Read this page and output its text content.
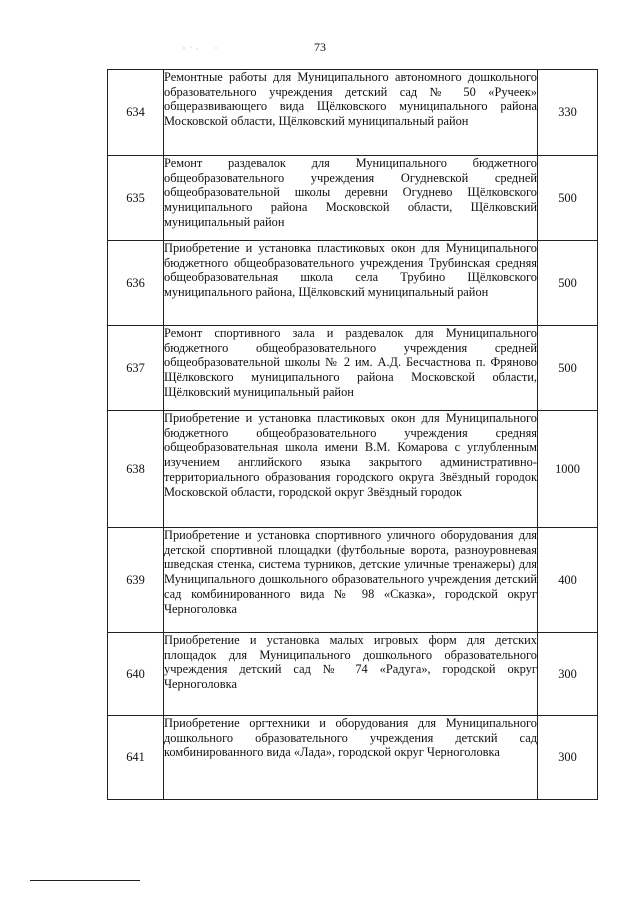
73
634	Ремонтные работы для Муниципального автономного дошкольного образовательного учреждения детский сад № 50 «Ручеек» общеразвивающего вида Щёлковского муниципального района Московской области, Щёлковский муниципальный район	330
635	Ремонт раздевалок для Муниципального бюджетного общеобразовательного учреждения Огудневской средней общеобразовательной школы деревни Огуднево Щёлковского муниципального района Московской области, Щёлковский муниципальный район	500
636	Приобретение и установка пластиковых окон для Муниципального бюджетного общеобразовательного учреждения Трубинская средняя общеобразовательная школа села Трубино Щёлковского муниципального района, Щёлковский муниципальный район	500
637	Ремонт спортивного зала и раздевалок для Муниципального бюджетного общеобразовательного учреждения средней общеобразовательной школы № 2 им. А.Д. Бесчастнова п. Фряново Щёлковского муниципального района Московской области, Щёлковский муниципальный район	500
638	Приобретение и установка пластиковых окон для Муниципального бюджетного общеобразовательного учреждения средняя общеобразовательная школа имени В.М. Комарова с углубленным изучением английского языка закрытого административно-территориального образования городского округа Звёздный городок Московской области, городской округ Звёздный городок	1000
639	Приобретение и установка спортивного уличного оборудования для детской спортивной площадки (футбольные ворота, разноуровневая шведская стенка, система турников, детские уличные тренажеры) для Муниципального дошкольного образовательного учреждения детский сад комбинированного вида № 98 «Сказка», городской округ Черноголовка	400
640	Приобретение и установка малых игровых форм для детских площадок для Муниципального дошкольного образовательного учреждения детский сад № 74 «Радуга», городской округ Черноголовка	300
641	Приобретение оргтехники и оборудования для Муниципального дошкольного образовательного учреждения детский сад комбинированного вида «Лада», городской округ Черноголовка	300
